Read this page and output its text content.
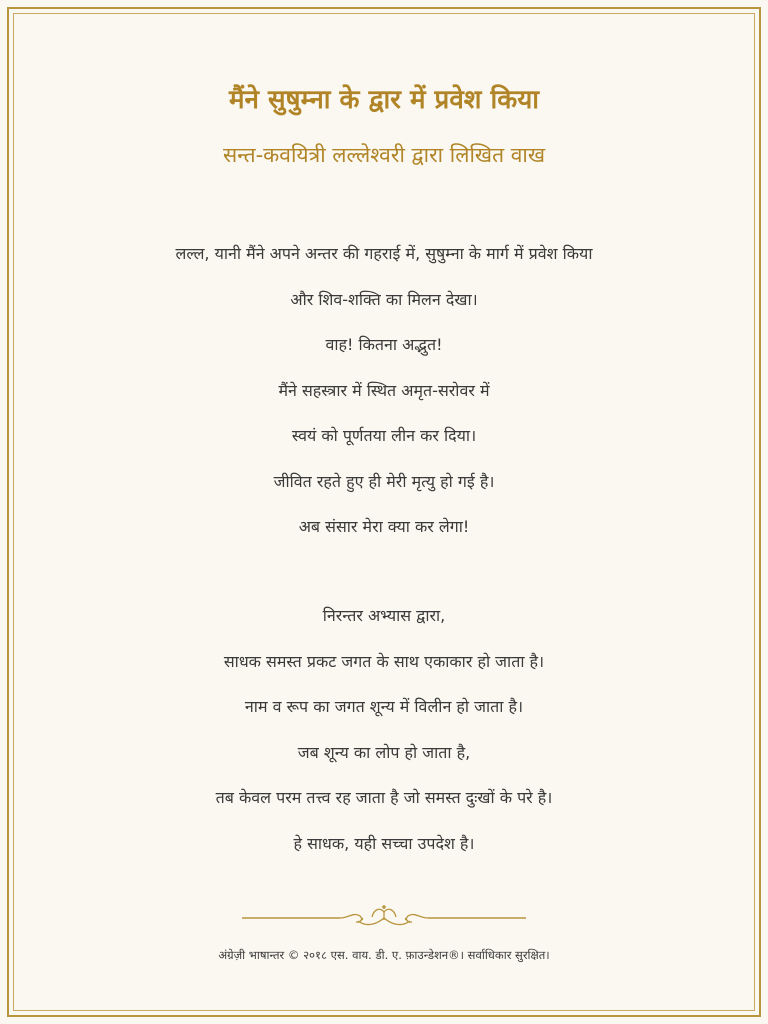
मैंने सुषुम्ना के द्वार में प्रवेश किया
सन्त-कवयित्री लल्लेश्वरी द्वारा लिखित वाख
लल्ल, यानी मैंने अपने अन्तर की गहराई में, सुषुम्ना के मार्ग में प्रवेश किया
और शिव-शक्ति का मिलन देखा।
वाह! कितना अद्भुत!
मैंने सहस्त्रार में स्थित अमृत-सरोवर में
स्वयं को पूर्णतया लीन कर दिया।
जीवित रहते हुए ही मेरी मृत्यु हो गई है।
अब संसार मेरा क्या कर लेगा!
निरन्तर अभ्यास द्वारा,
साधक समस्त प्रकट जगत के साथ एकाकार हो जाता है।
नाम व रूप का जगत शून्य में विलीन हो जाता है।
जब शून्य का लोप हो जाता है,
तब केवल परम तत्त्व रह जाता है जो समस्त दुःखों के परे है।
हे साधक, यही सच्चा उपदेश है।
अंग्रेज़ी भाषान्तर © २०१८ एस. वाय. डी. ए. फ़ाउन्डेशन®। सर्वाधिकार सुरक्षित।
